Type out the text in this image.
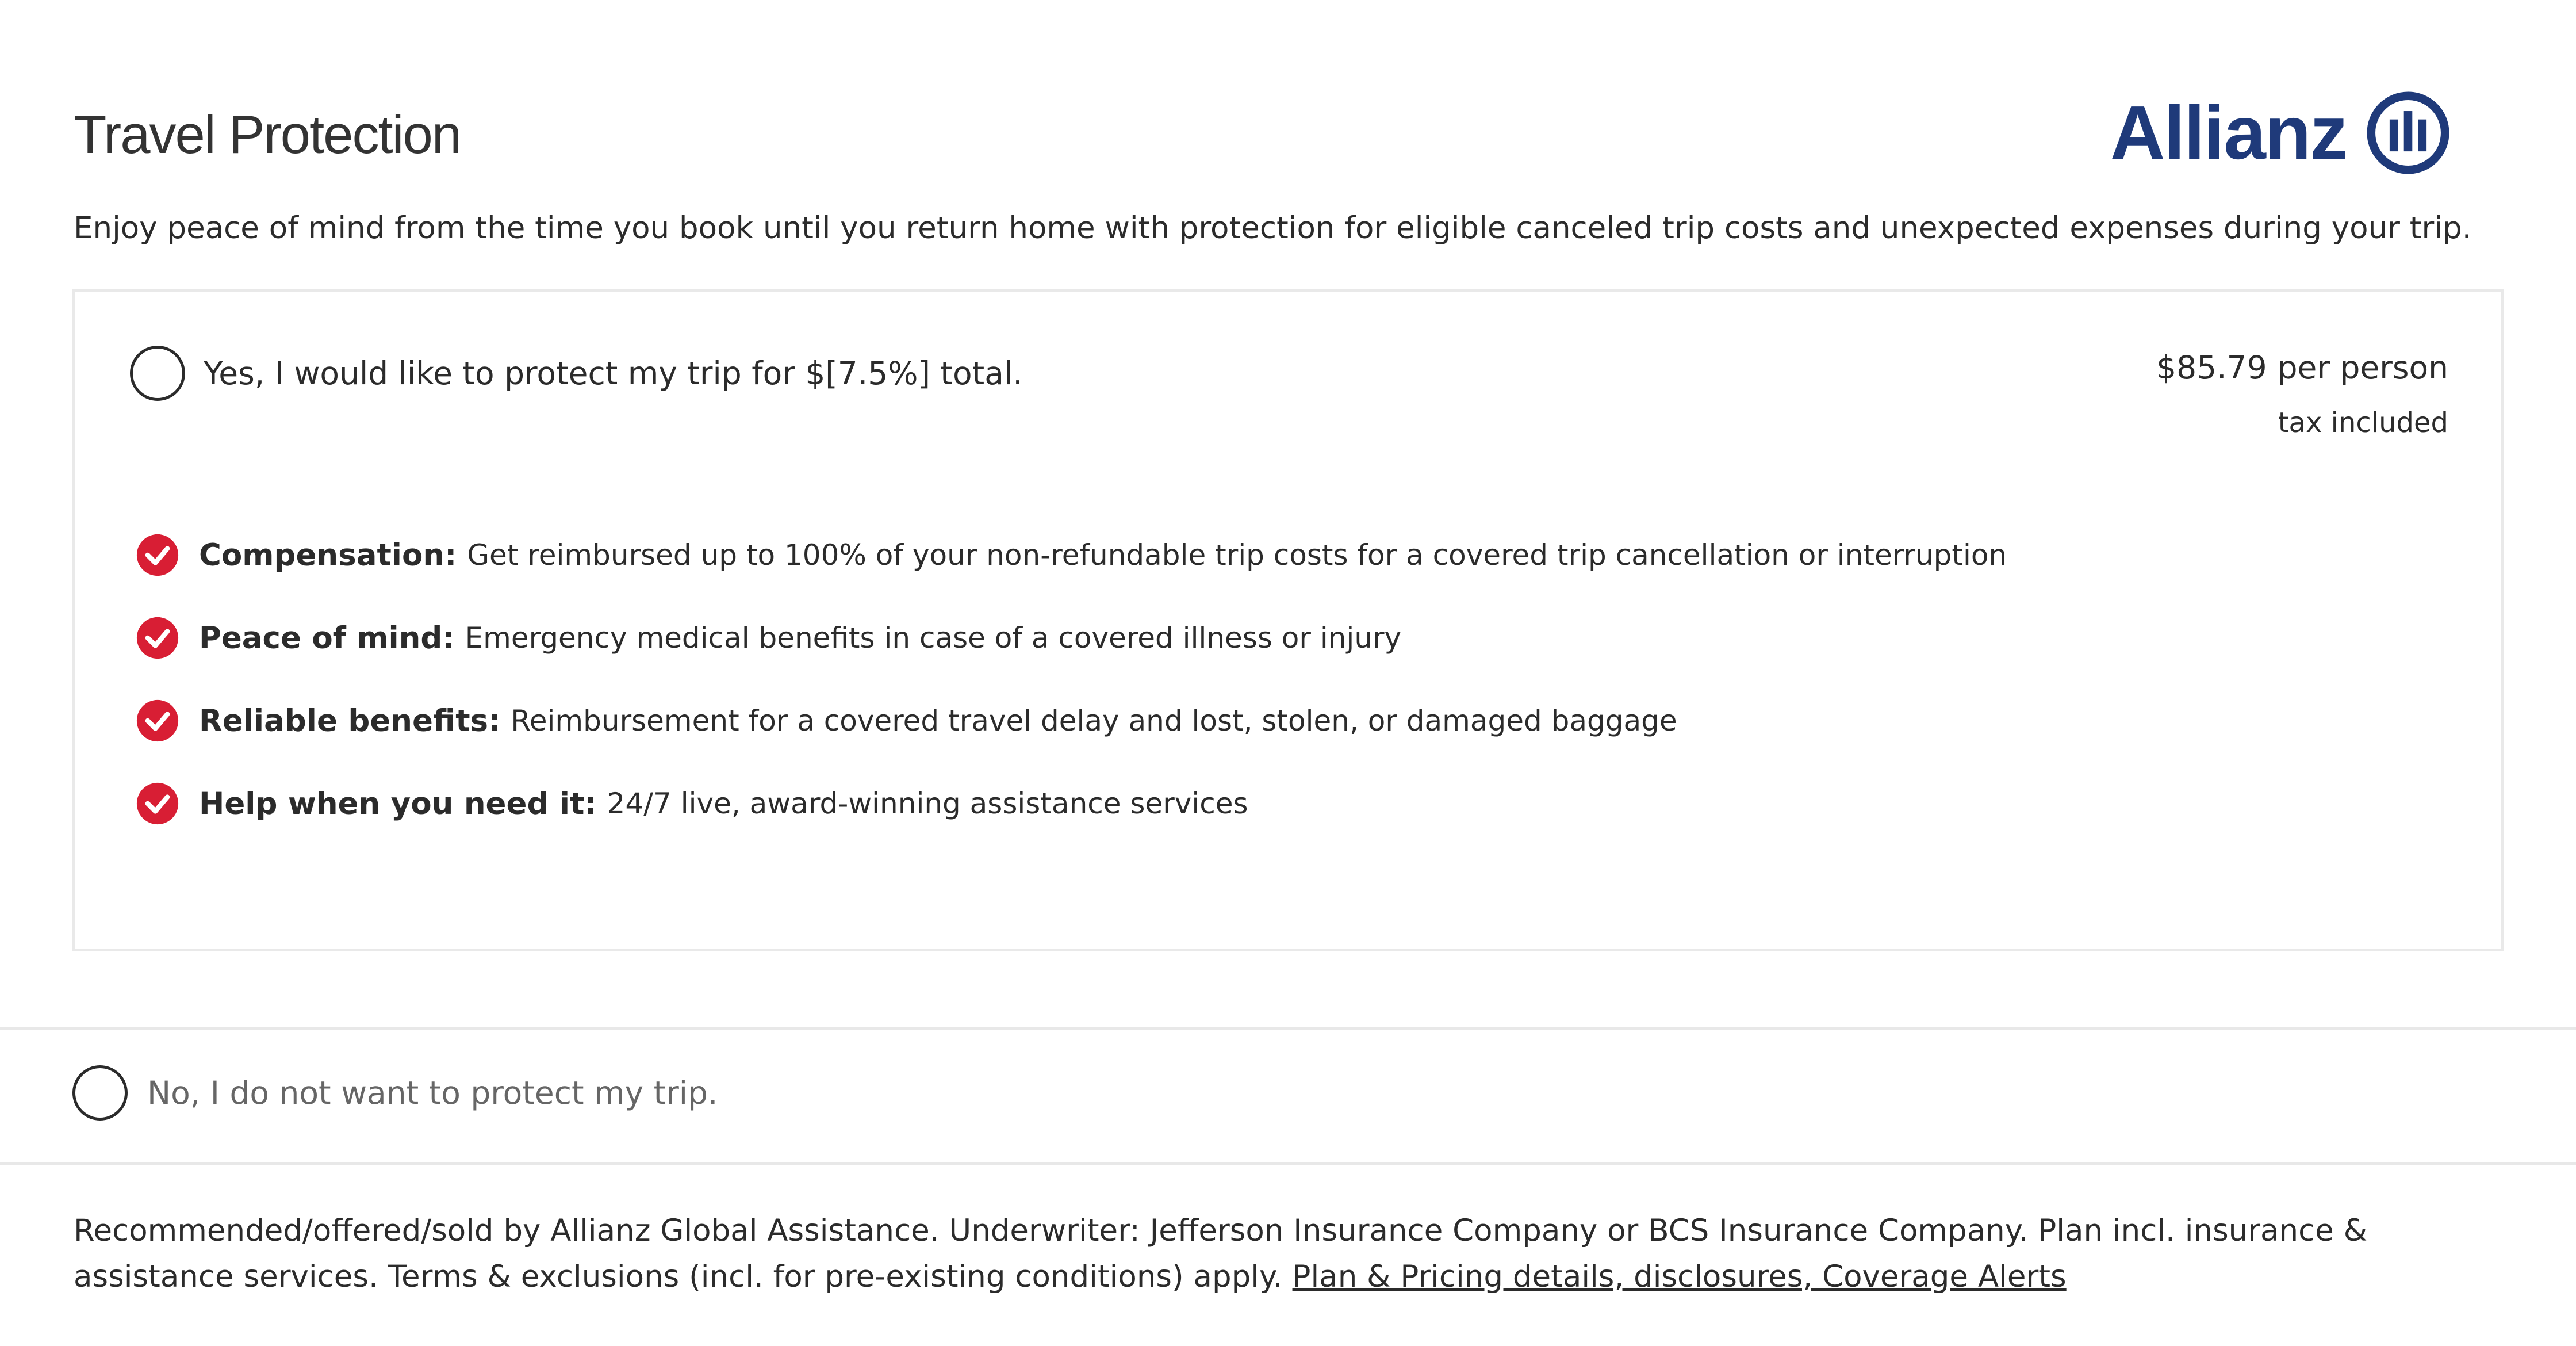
Travel Protection	Allianz

Enjoy peace of mind from the time you book until you return home with protection for eligible canceled trip costs and unexpected expenses during your trip.

Yes, I would like to protect my trip for $[7.5%] total.	$85.79 per person
tax included
Compensation: Get reimbursed up to 100% of your non-refundable trip costs for a covered trip cancellation or interruption
Peace of mind: Emergency medical benefits in case of a covered illness or injury
Reliable benefits: Reimbursement for a covered travel delay and lost, stolen, or damaged baggage
Help when you need it: 24/7 live, award-winning assistance services
No, I do not want to protect my trip.

Recommended/offered/sold by Allianz Global Assistance. Underwriter: Jefferson Insurance Company or BCS Insurance Company. Plan incl. insurance & assistance services. Terms & exclusions (incl. for pre-existing conditions) apply. Plan & Pricing details, disclosures, Coverage Alerts
